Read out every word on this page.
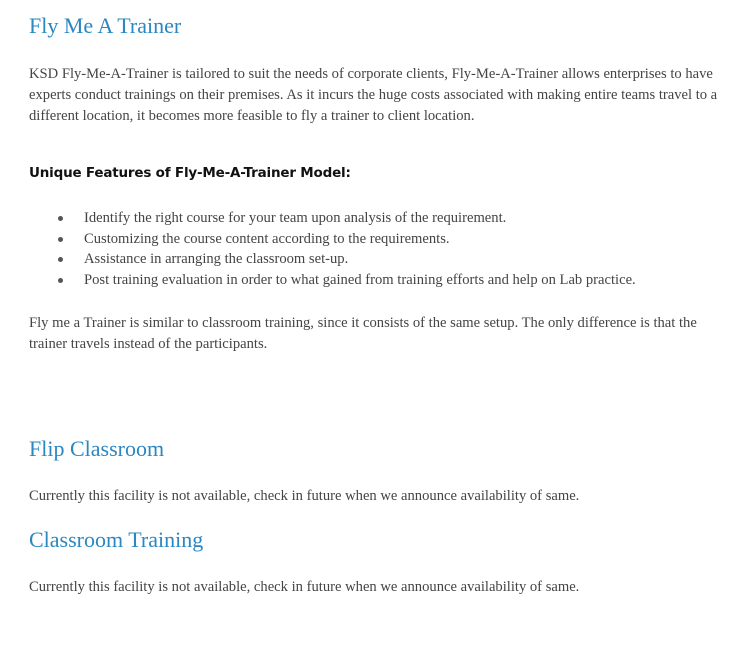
Fly Me A Trainer

KSD Fly-Me-A-Trainer is tailored to suit the needs of corporate clients, Fly-Me-A-Trainer allows enterprises to have experts conduct trainings on their premises. As it incurs the huge costs associated with making entire teams travel to a different location, it becomes more feasible to fly a trainer to client location.

Unique Features of Fly-Me-A-Trainer Model:
Identify the right course for your team upon analysis of the requirement.
Customizing the course content according to the requirements.
Assistance in arranging the classroom set-up.
Post training evaluation in order to what gained from training efforts and help on Lab practice.

Fly me a Trainer is similar to classroom training, since it consists of the same setup. The only difference is that the trainer travels instead of the participants.

Flip Classroom

Currently this facility is not available, check in future when we announce availability of same.

Classroom Training

Currently this facility is not available, check in future when we announce availability of same.
